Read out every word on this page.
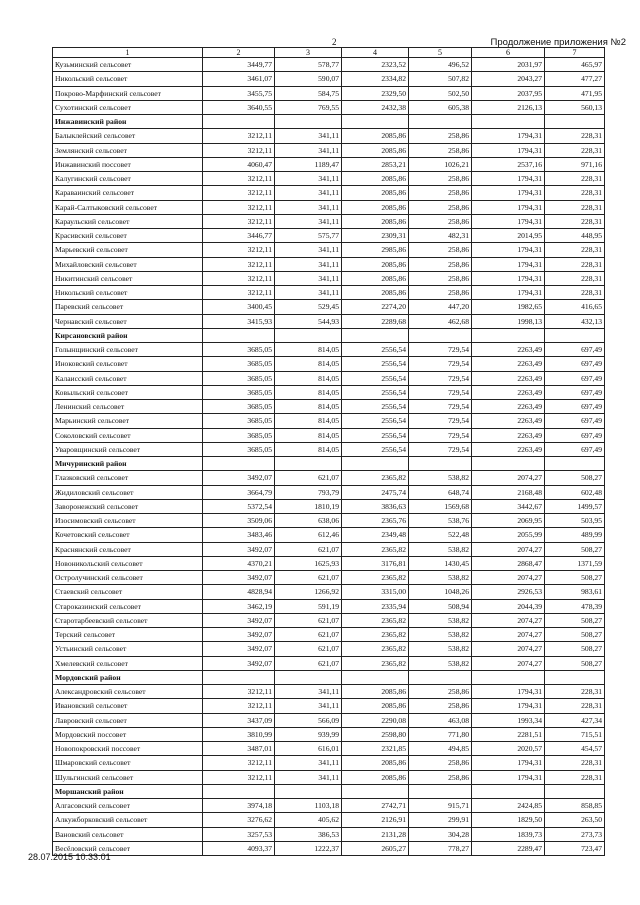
2	Продолжение приложения №2
1	2	3	4	5	6	7
Кузьминский сельсовет	3449,77	578,77	2323,52	496,52	2031,97	465,97
Никольский сельсовет	3461,07	590,07	2334,82	507,82	2043,27	477,27
Покрово-Марфинский сельсовет	3455,75	584,75	2329,50	502,50	2037,95	471,95
Сухотинский сельсовет	3640,55	769,55	2432,38	605,38	2126,13	560,13
Инжавинский район						
Балыклейский сельсовет	3212,11	341,11	2085,86	258,86	1794,31	228,31
Землянский сельсовет	3212,11	341,11	2085,86	258,86	1794,31	228,31
Инжавинский поссовет	4060,47	1189,47	2853,21	1026,21	2537,16	971,16
Калугинский сельсовет	3212,11	341,11	2085,86	258,86	1794,31	228,31
Караваинский сельсовет	3212,11	341,11	2085,86	258,86	1794,31	228,31
Карай-Салтыковский сельсовет	3212,11	341,11	2085,86	258,86	1794,31	228,31
Караульский сельсовет	3212,11	341,11	2085,86	258,86	1794,31	228,31
Красивский сельсовет	3446,77	575,77	2309,31	482,31	2014,95	448,95
Марьевский сельсовет	3212,11	341,11	2985,86	258,86	1794,31	228,31
Михайловский сельсовет	3212,11	341,11	2085,86	258,86	1794,31	228,31
Никитинский сельсовет	3212,11	341,11	2085,86	258,86	1794,31	228,31
Никольский сельсовет	3212,11	341,11	2085,86	258,86	1794,31	228,31
Паревский сельсовет	3400,45	529,45	2274,20	447,20	1982,65	416,65
Чернавский сельсовет	3415,93	544,93	2289,68	462,68	1998,13	432,13
Кирсановский район						
Голынщинский сельсовет	3685,05	814,05	2556,54	729,54	2263,49	697,49
Иноковский сельсовет	3685,05	814,05	2556,54	729,54	2263,49	697,49
Калаисский сельсовет	3685,05	814,05	2556,54	729,54	2263,49	697,49
Ковыльский сельсовет	3685,05	814,05	2556,54	729,54	2263,49	697,49
Ленинский сельсовет	3685,05	814,05	2556,54	729,54	2263,49	697,49
Марьинский сельсовет	3685,05	814,05	2556,54	729,54	2263,49	697,49
Соколовский сельсовет	3685,05	814,05	2556,54	729,54	2263,49	697,49
Уваровщинский сельсовет	3685,05	814,05	2556,54	729,54	2263,49	697,49
Мичуринский район						
Глазковский сельсовет	3492,07	621,07	2365,82	538,82	2074,27	508,27
Жидиловский сельсовет	3664,79	793,79	2475,74	648,74	2168,48	602,48
Заворонежский сельсовет	5372,54	1810,19	3836,63	1569,68	3442,67	1499,57
Изосимовский сельсовет	3509,06	638,06	2365,76	538,76	2069,95	503,95
Кочетовский сельсовет	3483,46	612,46	2349,48	522,48	2055,99	489,99
Краснянский сельсовет	3492,07	621,07	2365,82	538,82	2074,27	508,27
Новоникольский сельсовет	4370,21	1625,93	3176,81	1430,45	2868,47	1371,59
Остролучинский сельсовет	3492,07	621,07	2365,82	538,82	2074,27	508,27
Стаевский сельсовет	4828,94	1266,92	3315,00	1048,26	2926,53	983,61
Староказинский сельсовет	3462,19	591,19	2335,94	508,94	2044,39	478,39
Старотарбеевский сельсовет	3492,07	621,07	2365,82	538,82	2074,27	508,27
Терский сельсовет	3492,07	621,07	2365,82	538,82	2074,27	508,27
Устьинский сельсовет	3492,07	621,07	2365,82	538,82	2074,27	508,27
Хмелевский сельсовет	3492,07	621,07	2365,82	538,82	2074,27	508,27
Мордовский район						
Александровский сельсовет	3212,11	341,11	2085,86	258,86	1794,31	228,31
Ивановский сельсовет	3212,11	341,11	2085,86	258,86	1794,31	228,31
Лавровский сельсовет	3437,09	566,09	2290,08	463,08	1993,34	427,34
Мордовский поссовет	3810,99	939,99	2598,80	771,80	2281,51	715,51
Новопокровский поссовет	3487,01	616,01	2321,85	494,85	2020,57	454,57
Шмаровский сельсовет	3212,11	341,11	2085,86	258,86	1794,31	228,31
Шульгинский сельсовет	3212,11	341,11	2085,86	258,86	1794,31	228,31
Моршанский район						
Алгасовский сельсовет	3974,18	1103,18	2742,71	915,71	2424,85	858,85
Алкужборковский сельсовет	3276,62	405,62	2126,91	299,91	1829,50	263,50
Вановский сельсовет	3257,53	386,53	2131,28	304,28	1839,73	273,73
Весёловский сельсовет	4093,37	1222,37	2605,27	778,27	2289,47	723,47
28.07.2015 10:33:01
